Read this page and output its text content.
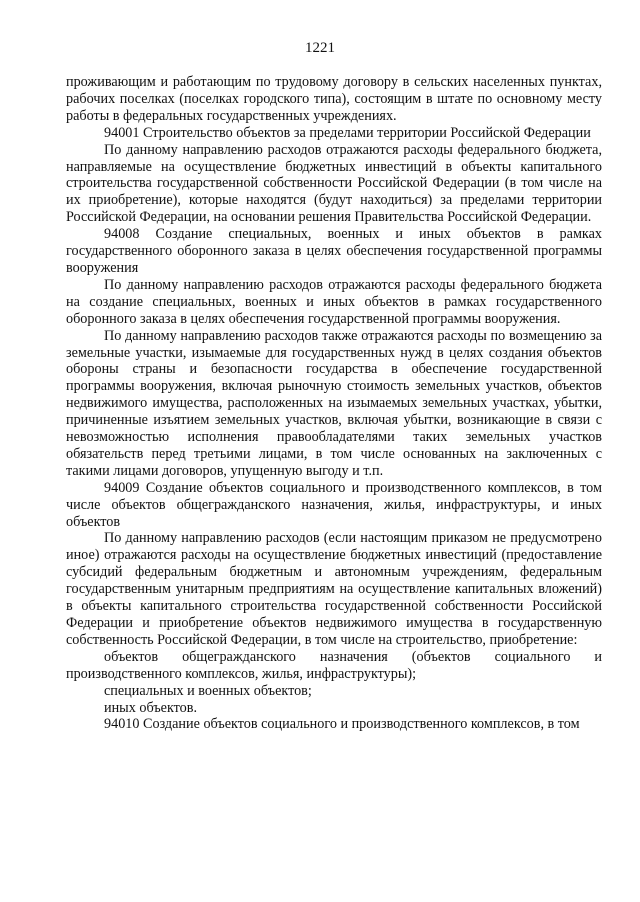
1221

проживающим и работающим по трудовому договору в сельских населенных пунктах, рабочих поселках (поселках городского типа), состоящим в штате по основному месту работы в федеральных государственных учреждениях.

94001 Строительство объектов за пределами территории Российской Федерации

По данному направлению расходов отражаются расходы федерального бюджета, направляемые на осуществление бюджетных инвестиций в объекты капитального строительства государственной собственности Российской Федерации (в том числе на их приобретение), которые находятся (будут находиться) за пределами территории Российской Федерации, на основании решения Правительства Российской Федерации.

94008 Создание специальных, военных и иных объектов в рамках государственного оборонного заказа в целях обеспечения государственной программы вооружения

По данному направлению расходов отражаются расходы федерального бюджета на создание специальных, военных и иных объектов в рамках государственного оборонного заказа в целях обеспечения государственной программы вооружения.

По данному направлению расходов также отражаются расходы по возмещению за земельные участки, изымаемые для государственных нужд в целях создания объектов обороны страны и безопасности государства в обеспечение государственной программы вооружения, включая рыночную стоимость земельных участков, объектов недвижимого имущества, расположенных на изымаемых земельных участках, убытки, причиненные изъятием земельных участков, включая убытки, возникающие в связи с невозможностью исполнения правообладателями таких земельных участков обязательств перед третьими лицами, в том числе основанных на заключенных с такими лицами договоров, упущенную выгоду и т.п.

94009 Создание объектов социального и производственного комплексов, в том числе объектов общегражданского назначения, жилья, инфраструктуры, и иных объектов

По данному направлению расходов (если настоящим приказом не предусмотрено иное) отражаются расходы на осуществление бюджетных инвестиций (предоставление субсидий федеральным бюджетным и автономным учреждениям, федеральным государственным унитарным предприятиям на осуществление капитальных вложений) в объекты капитального строительства государственной собственности Российской Федерации и приобретение объектов недвижимого имущества в государственную собственность Российской Федерации, в том числе на строительство, приобретение:

объектов общегражданского назначения (объектов социального и производственного комплексов, жилья, инфраструктуры);

специальных и военных объектов;

иных объектов.

94010 Создание объектов социального и производственного комплексов, в том
